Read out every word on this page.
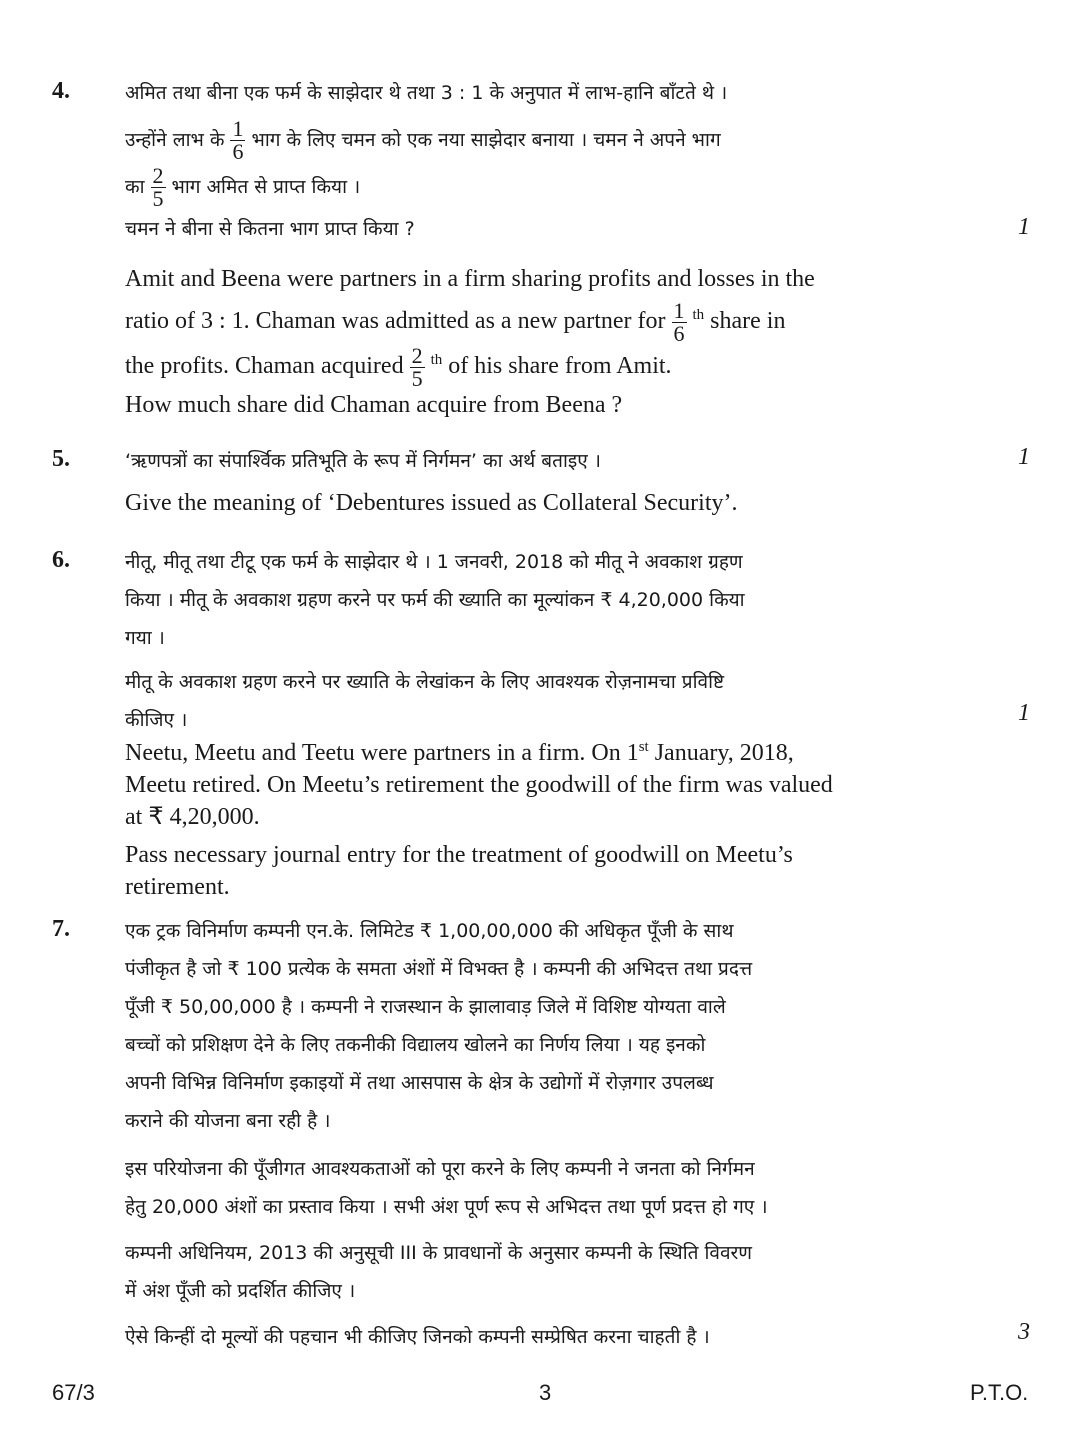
4.	अमित तथा बीना एक फर्म के साझेदार थे तथा 3 : 1 के अनुपात में लाभ-हानि बाँटते थे ।
उन्होंने लाभ के $\frac{1}{6}$ भाग के लिए चमन को एक नया साझेदार बनाया । चमन ने अपने भाग
का $\frac{2}{5}$ भाग अमित से प्राप्त किया ।
चमन ने बीना से कितना भाग प्राप्त किया ?	1
Amit and Beena were partners in a firm sharing profits and losses in the
ratio of 3 : 1. Chaman was admitted as a new partner for $\frac{1}{6} ^{th}$ share in
the profits. Chaman acquired $\frac{2}{5} ^{th}$ of his share from Amit.
How much share did Chaman acquire from Beena ?
5.	‘ऋणपत्रों का संपार्श्विक प्रतिभूति के रूप में निर्गमन’ का अर्थ बताइए ।	1
Give the meaning of ‘Debentures issued as Collateral Security’.
6.	नीतू, मीतू तथा टीटू एक फर्म के साझेदार थे । 1 जनवरी, 2018 को मीतू ने अवकाश ग्रहण
किया । मीतू के अवकाश ग्रहण करने पर फर्म की ख्याति का मूल्यांकन ₹ 4,20,000 किया
गया ।
मीतू के अवकाश ग्रहण करने पर ख्याति के लेखांकन के लिए आवश्यक रोज़नामचा प्रविष्टि
कीजिए ।	1
Neetu, Meetu and Teetu were partners in a firm. On 1st January, 2018,
Meetu retired. On Meetu’s retirement the goodwill of the firm was valued
at ₹ 4,20,000.
Pass necessary journal entry for the treatment of goodwill on Meetu’s
retirement.
7.	एक ट्रक विनिर्माण कम्पनी एन.के. लिमिटेड ₹ 1,00,00,000 की अधिकृत पूँजी के साथ
पंजीकृत है जो ₹ 100 प्रत्येक के समता अंशों में विभक्त है । कम्पनी की अभिदत्त तथा प्रदत्त
पूँजी ₹ 50,00,000 है । कम्पनी ने राजस्थान के झालावाड़ जिले में विशिष्ट योग्यता वाले
बच्चों को प्रशिक्षण देने के लिए तकनीकी विद्यालय खोलने का निर्णय लिया । यह इनको
अपनी विभिन्न विनिर्माण इकाइयों में तथा आसपास के क्षेत्र के उद्योगों में रोज़गार उपलब्ध
कराने की योजना बना रही है ।
इस परियोजना की पूँजीगत आवश्यकताओं को पूरा करने के लिए कम्पनी ने जनता को निर्गमन
हेतु 20,000 अंशों का प्रस्ताव किया । सभी अंश पूर्ण रूप से अभिदत्त तथा पूर्ण प्रदत्त हो गए ।
कम्पनी अधिनियम, 2013 की अनुसूची III के प्रावधानों के अनुसार कम्पनी के स्थिति विवरण
में अंश पूँजी को प्रदर्शित कीजिए ।
ऐसे किन्हीं दो मूल्यों की पहचान भी कीजिए जिनको कम्पनी सम्प्रेषित करना चाहती है ।	3
67/3	3	P.T.O.
